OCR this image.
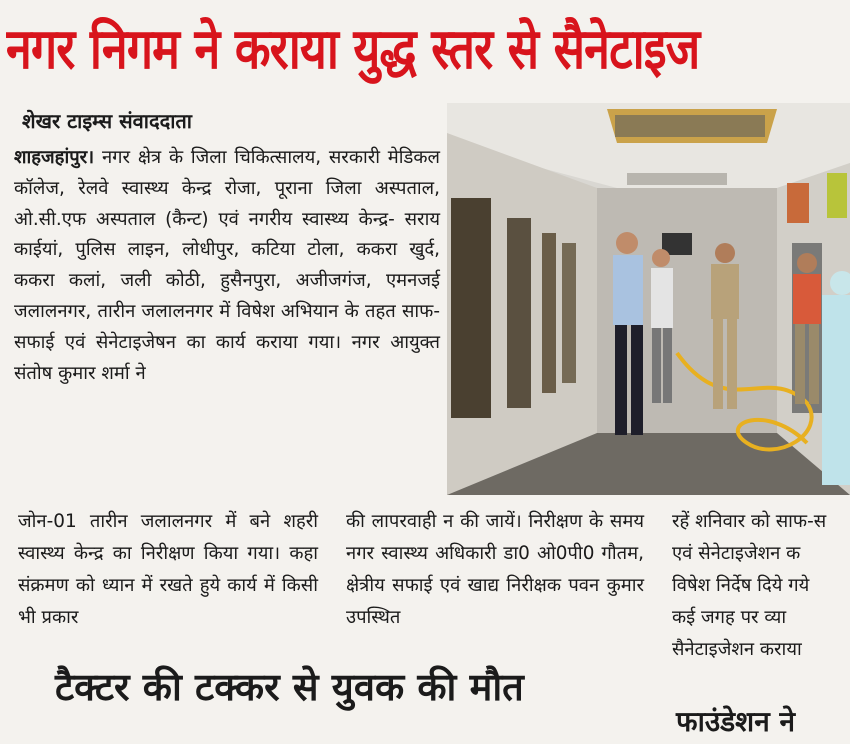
नगर निगम ने कराया युद्ध स्तर से सैनेटाइज
शेखर टाइम्स संवाददाता
शाहजहांपुर। नगर क्षेत्र के जिला चिकित्सालय, सरकारी मेडिकल कॉलेज, रेलवे स्वास्थ्य केन्द्र रोजा, पूराना जिला अस्पताल, ओ.सी.एफ अस्पताल (कैन्ट) एवं नगरीय स्वास्थ्य केन्द्र- सराय काईयां, पुलिस लाइन, लोधीपुर, कटिया टोला, ककरा खुर्द, ककरा कलां, जली कोठी, हुसैनपुरा, अजीजगंज, एमनजई जलालनगर, तारीन जलालनगर में विषेश अभियान के तहत साफ-सफाई एवं सेनेटाइजेषन का कार्य कराया गया। नगर आयुक्त संतोष कुमार शर्मा ने
जोन-01 तारीन जलालनगर में बने शहरी स्वास्थ्य केन्द्र का निरीक्षण किया गया। कहा संक्रमण को ध्यान में रखते हुये कार्य में किसी भी प्रकार
की लापरवाही न की जायें। निरीक्षण के समय नगर स्वास्थ्य अधिकारी डा0 ओ0पी0 गौतम, क्षेत्रीय सफाई एवं खाद्य निरीक्षक पवन कुमार उपस्थित
रहें शनिवार को साफ-स
एवं सेनेटाइजेशन क
विषेश निर्देष दिये गये
कई जगह पर व्या
सैनेटाइजेशन कराया
टैक्टर की टक्कर से युवक की मौत
फाउंडेशन ने
